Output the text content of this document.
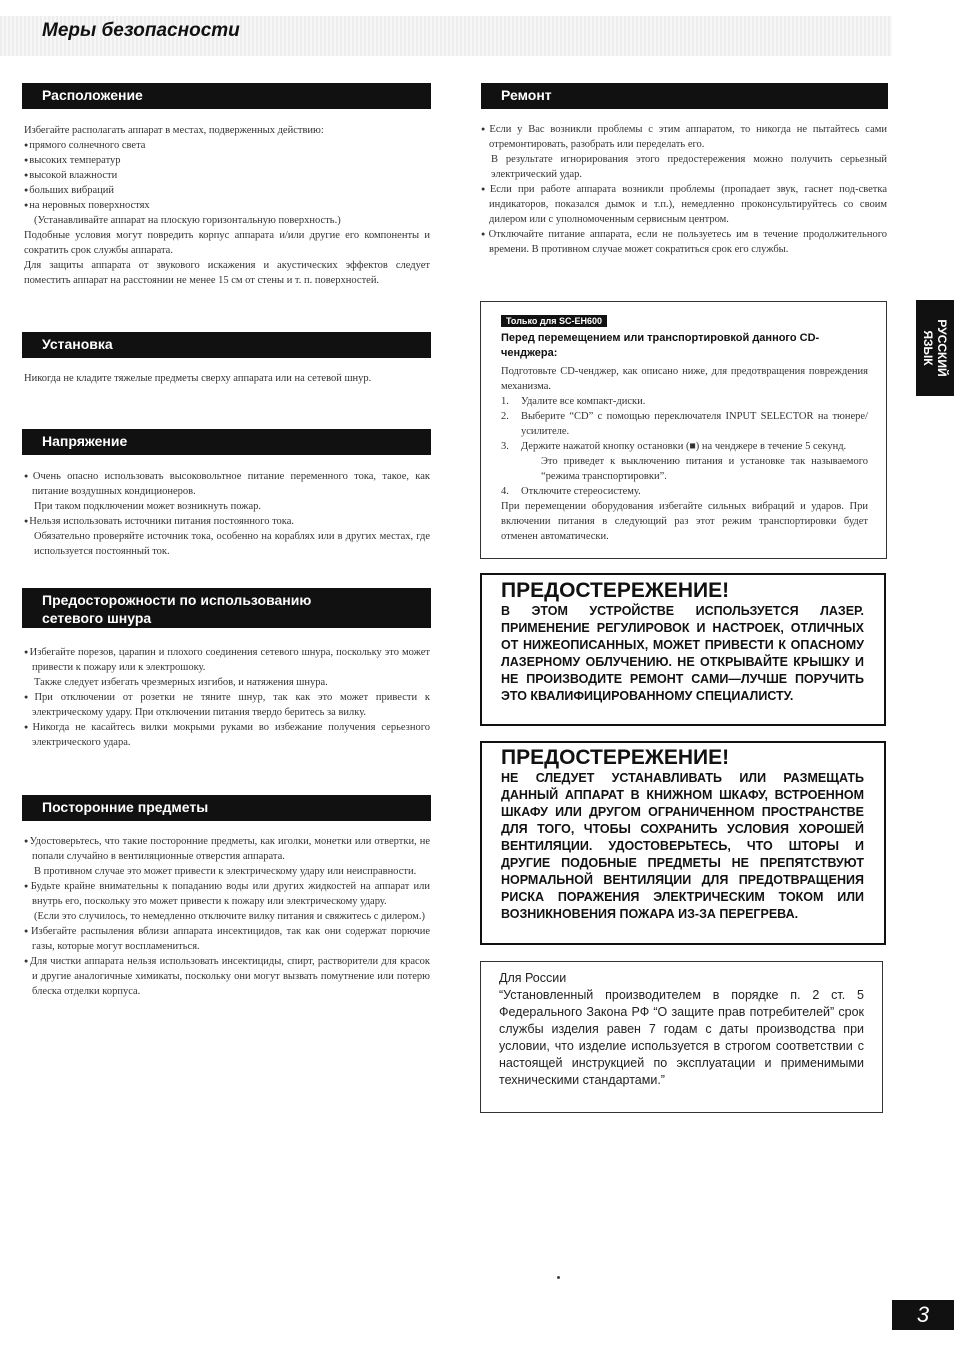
Меры безопасности
Расположение

Избегайте располагать аппарат в местах, подверженных действию:

● прямого солнечного света

● высоких температур

● высокой влажности

● больших вибраций

● на неровных поверхностях

(Устанавливайте аппарат на плоскую горизонтальную поверхность.)

Подобные условия могут повредить корпус аппарата и/или другие его компоненты и сократить срок службы аппарата.

Для защиты аппарата от звукового искажения и акустических эффектов следует поместить аппарат на расстоянии не менее 15 см от стены и т. п. поверхностей.

Установка

Никогда не кладите тяжелые предметы сверху аппарата или на сетевой шнур.

Напряжение

● Очень опасно использовать высоковольтное питание переменного тока, такое, как питание воздушных кондиционеров.

При таком подключении может возникнуть пожар.

● Нельзя использовать источники питания постоянного тока.

Обязательно проверяйте источник тока, особенно на кораблях или в других местах, где используется постоянный ток.

Предосторожности по использованию
сетевого шнура

● Избегайте порезов, царапин и плохого соединения сетевого шнура, поскольку это может привести к пожару или к электрошоку.

Также следует избегать чрезмерных изгибов, и натяжения шнура.

● При отключении от розетки не тяните шнур, так как это может привести к электрическому удару. При отключении питания твердо беритесь за вилку.

● Никогда не касайтесь вилки мокрыми руками во избежание получения серьезного электрического удара.

Посторонние предметы

● Удостоверьтесь, что такие посторонние предметы, как иголки, монетки или отвертки, не попали случайно в вентиляционные отверстия аппарата.

В противном случае это может привести к электрическому удару или неисправности.

● Будьте крайне внимательны к попаданию воды или других жидкостей на аппарат или внутрь его, поскольку это может привести к пожару или электрическому удару.

(Если это случилось, то немедленно отключите вилку питания и свяжитесь с дилером.)

● Избегайте распыления вблизи аппарата инсектицидов, так как они содержат порючие газы, которые могут воспламениться.

● Для чистки аппарата нельзя использовать инсектициды, спирт, растворители для красок и другие аналогичные химикаты, поскольку они могут вызвать помутнение или потерю блеска отделки корпуса.

Ремонт

● Если у Вас возникли проблемы с этим аппаратом, то никогда не пытайтесь сами отремонтировать, разобрать или переделать его.

В результате игнорирования этого предостережения можно получить серьезный электрический удар.

● Если при работе аппарата возникли проблемы (пропадает звук, гаснет под-светка индикаторов, показался дымок и т.п.), немедленно проконсультируйтесь со своим дилером или с уполномоченным сервисным центром.

● Отключайте питание аппарата, если не пользуетесь им в течение продолжительного времени. В противном случае может сократиться срок его службы.

Только для SC-EH600
Перед перемещением или транспортировкой данного CD-ченджера:

Подготовьте CD-ченджер, как описано ниже, для предотвращения повреждения механизма.

1. Удалите все компакт-диски.
2. Выберите “CD” с помощью переключателя INPUT SELECTOR на тюнере/усилителе.
3. Держите нажатой кнопку остановки (■) на ченджере в течение 5 секунд.
Это приведет к выключению питания и установке так называемого “режима транспортировки”.
4. Отключите стереосистему.

При перемещении оборудования избегайте сильных вибраций и ударов. При включении питания в следующий раз этот режим транспортировки будет отменен автоматически.

ПРЕДОСТЕРЕЖЕНИЕ!
В ЭТОМ УСТРОЙСТВЕ ИСПОЛЬЗУЕТСЯ ЛАЗЕР. ПРИМЕНЕНИЕ РЕГУЛИРОВОК И НАСТРОЕК, ОТЛИЧНЫХ ОТ НИЖЕОПИСАННЫХ, МОЖЕТ ПРИВЕСТИ К ОПАСНОМУ ЛАЗЕРНОМУ ОБЛУЧЕНИЮ. НЕ ОТКРЫВАЙТЕ КРЫШКУ И НЕ ПРОИЗВОДИТЕ РЕМОНТ САМИ—ЛУЧШЕ ПОРУЧИТЬ ЭТО КВАЛИФИЦИРОВАННОМУ СПЕЦИАЛИСТУ.
ПРЕДОСТЕРЕЖЕНИЕ!
НЕ СЛЕДУЕТ УСТАНАВЛИВАТЬ ИЛИ РАЗМЕЩАТЬ ДАННЫЙ АППАРАТ В КНИЖНОМ ШКАФУ, ВСТРОЕННОМ ШКАФУ ИЛИ ДРУГОМ ОГРАНИЧЕННОМ ПРОСТРАНСТВЕ ДЛЯ ТОГО, ЧТОБЫ СОХРАНИТЬ УСЛОВИЯ ХОРОШЕЙ ВЕНТИЛЯЦИИ. УДОСТОВЕРЬТЕСЬ, ЧТО ШТОРЫ И ДРУГИЕ ПОДОБНЫЕ ПРЕДМЕТЫ НЕ ПРЕПЯТСТВУЮТ НОРМАЛЬНОЙ ВЕНТИЛЯЦИИ ДЛЯ ПРЕДОТВРАЩЕНИЯ РИСКА ПОРАЖЕНИЯ ЭЛЕКТРИЧЕСКИМ ТОКОМ ИЛИ ВОЗНИКНОВЕНИЯ ПОЖАРА ИЗ-ЗА ПЕРЕГРЕВА.
Для России
“Установленный производителем в порядке п. 2 ст. 5 Федерального Закона РФ “О защите прав потребителей” срок службы изделия равен 7 годам с даты производства при условии, что изделие используется в строгом соответствии с настоящей инструкцией по эксплуатации и применимыми техническими стандартами.”
РУССКИЙ
ЯЗЫК
3
